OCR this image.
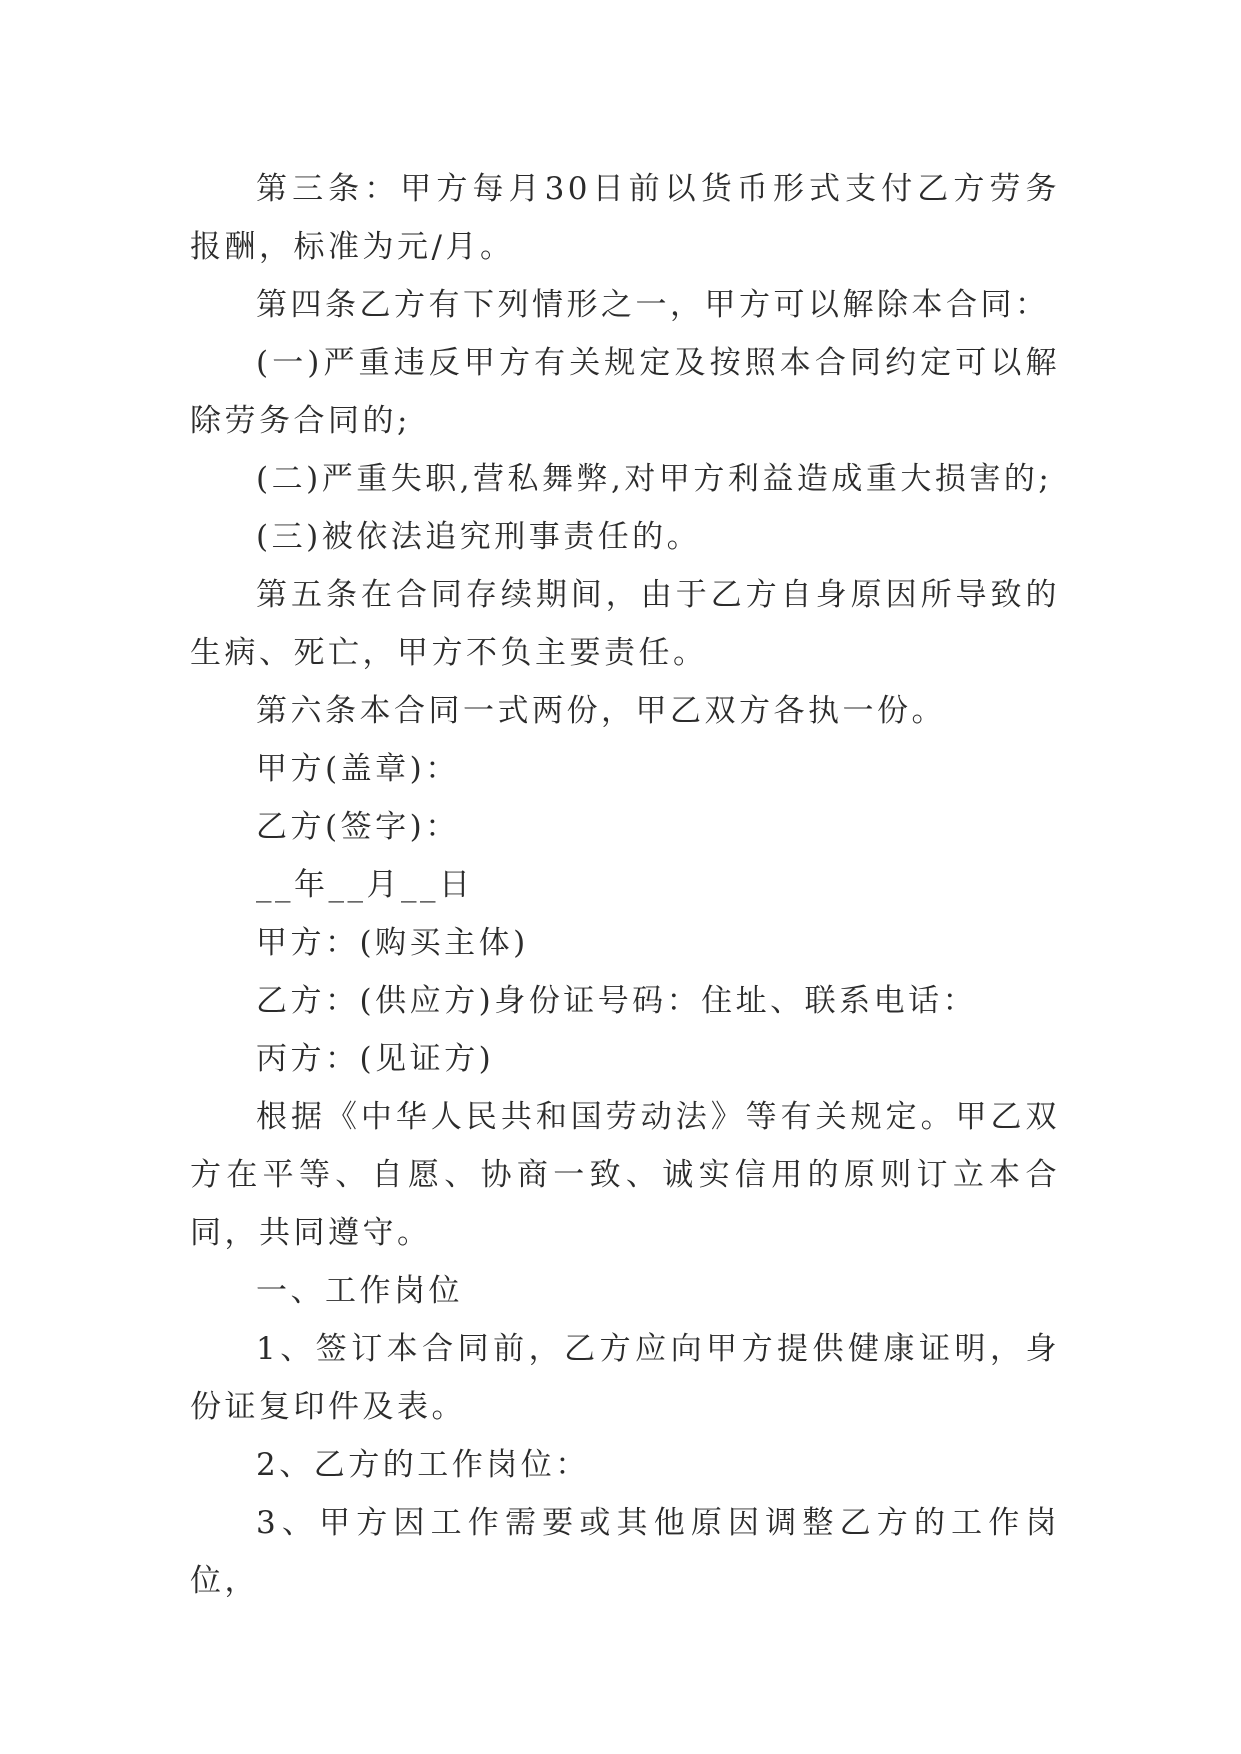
第三条：甲方每月30日前以货币形式支付乙方劳务报酬，标准为元/月。

第四条乙方有下列情形之一，甲方可以解除本合同：

(一)严重违反甲方有关规定及按照本合同约定可以解除劳务合同的;

(二)严重失职,营私舞弊,对甲方利益造成重大损害的;

(三)被依法追究刑事责任的。

第五条在合同存续期间，由于乙方自身原因所导致的生病、死亡，甲方不负主要责任。

第六条本合同一式两份，甲乙双方各执一份。

甲方(盖章)：

乙方(签字)：

__年__月__日

甲方：(购买主体)

乙方：(供应方)身份证号码：住址、联系电话：

丙方：(见证方)

根据《中华人民共和国劳动法》等有关规定。甲乙双方在平等、自愿、协商一致、诚实信用的原则订立本合同，共同遵守。

一、工作岗位

1、签订本合同前，乙方应向甲方提供健康证明，身份证复印件及表。

2、乙方的工作岗位：

3、甲方因工作需要或其他原因调整乙方的工作岗位，
